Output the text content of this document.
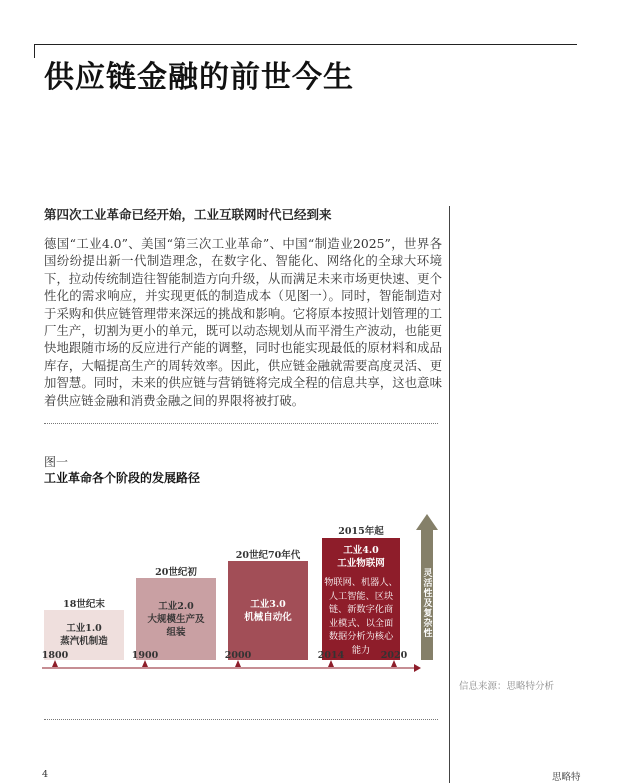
供应链金融的前世今生
第四次工业革命已经开始，工业互联网时代已经到来

德国“工业4.0”、美国“第三次工业革命”、中国“制造业2025”，世界各国纷纷提出新一代制造理念，在数字化、智能化、网络化的全球大环境下，拉动传统制造往智能制造方向升级，从而满足未来市场更快速、更个性化的需求响应，并实现更低的制造成本（见图一）。同时，智能制造对于采购和供应链管理带来深远的挑战和影响。它将原本按照计划管理的工厂生产，切割为更小的单元，既可以动态规划从而平滑生产波动，也能更快地跟随市场的反应进行产能的调整，同时也能实现最低的原材料和成品库存，大幅提高生产的周转效率。因此，供应链金融就需要高度灵活、更加智慧。同时，未来的供应链与营销链将完成全程的信息共享，这也意味着供应链金融和消费金融之间的界限将被打破。

图一
工业革命各个阶段的发展路径
18世纪末
工业1.0
蒸汽机制造
20世纪初
工业2.0
大规模生产及
组装
20世纪70年代
工业3.0
机械自动化
2015年起
工业4.0
工业物联网
物联网、机器人、
人工智能、区块
链、新数字化商
业模式、以全面
数据分析为核心
能力
灵活性及复杂性
1800	1900	2000	2014	2020
信息来源：思略特分析
4	思略特
